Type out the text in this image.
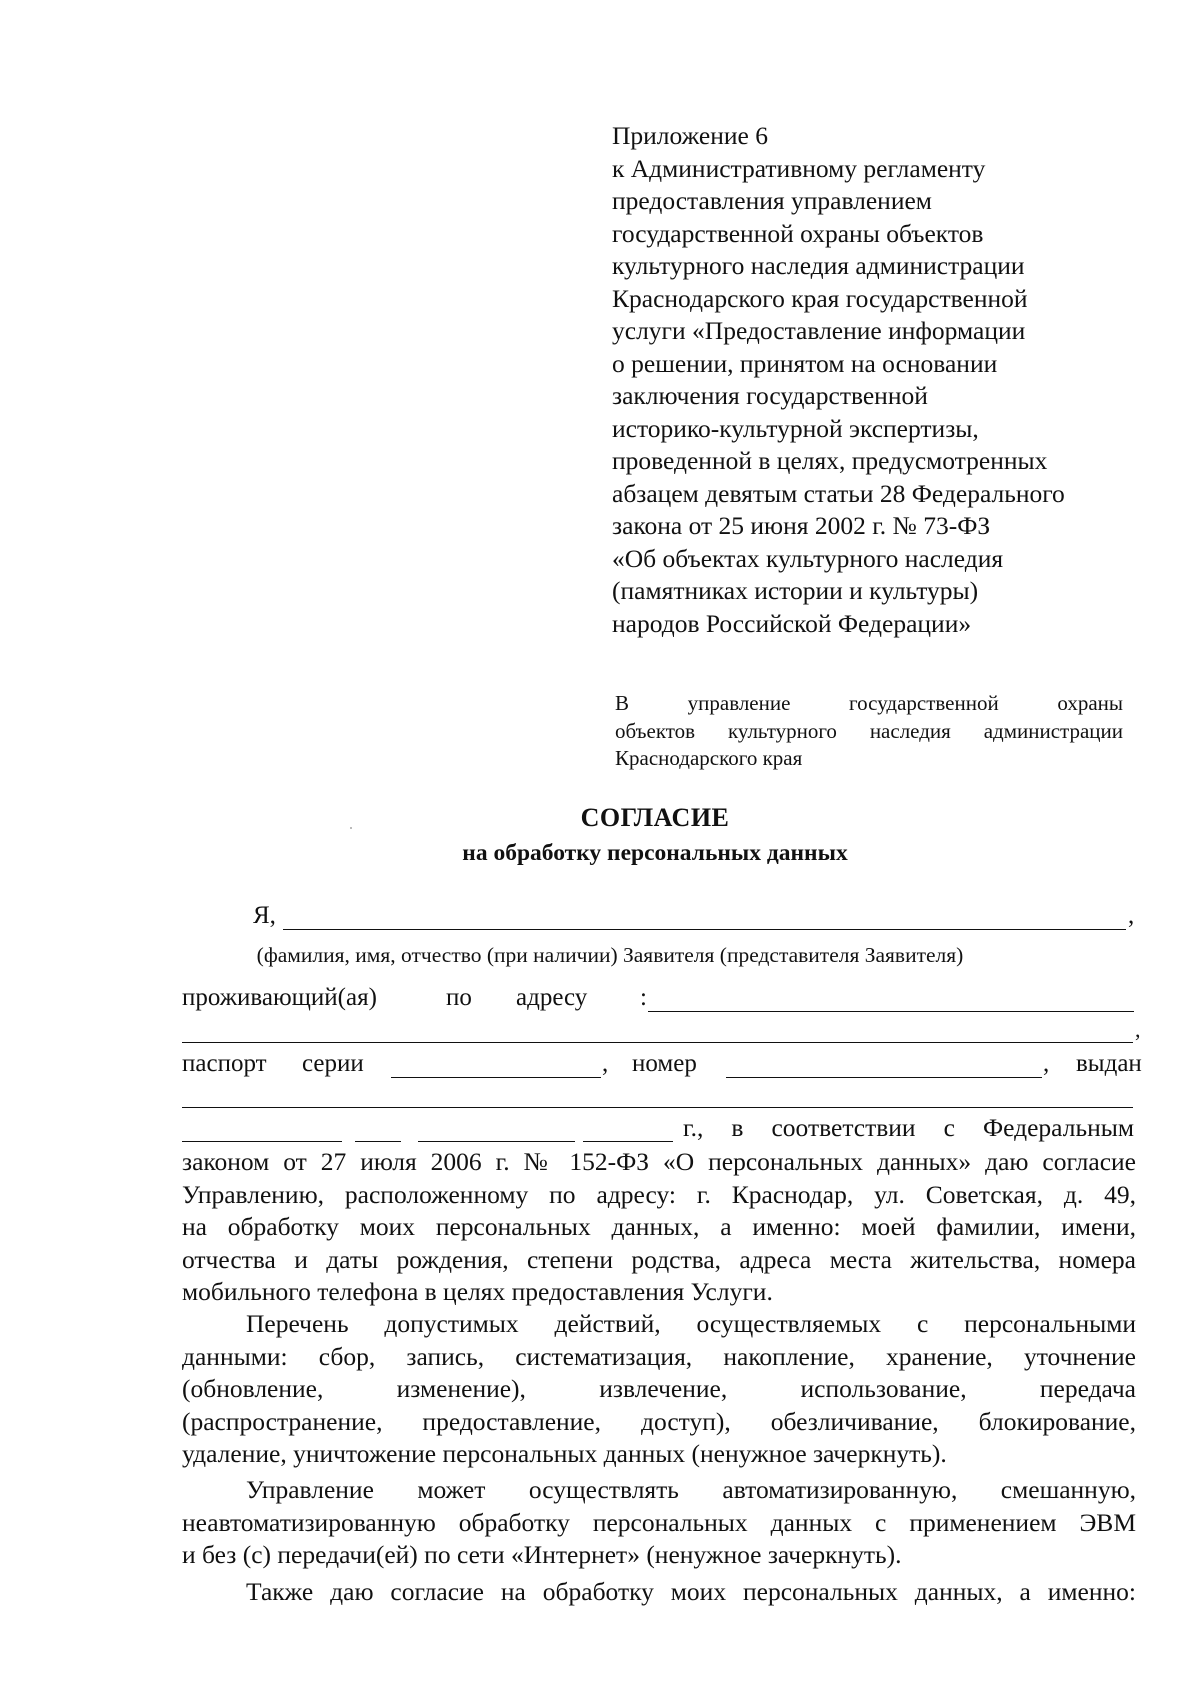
Приложение 6
к Административному регламенту
предоставления управлением
государственной охраны объектов
культурного наследия администрации
Краснодарского края государственной
услуги «Предоставление информации
о решении, принятом на основании
заключения государственной
историко-культурной экспертизы,
проведенной в целях, предусмотренных
абзацем девятым статьи 28 Федерального
закона от 25 июня 2002 г. № 73-ФЗ
«Об объектах культурного наследия
(памятниках истории и культуры)
народов Российской Федерации»
В управление государственной охраны
объектов культурного наследия администрации
Краснодарского края
СОГЛАСИЕ
на обработку персональных данных
Я,	,
(фамилия, имя, отчество (при наличии) Заявителя (представителя Заявителя)
проживающий(ая)	по адресу :
,
паспорт серии	, номер	, выдан
г., в соответствии с Федеральным
законом от 27 июля 2006 г. № 152-ФЗ «О персональных данных» даю согласие
Управлению, расположенному по адресу: г. Краснодар, ул. Советская, д. 49,
на обработку моих персональных данных, а именно: моей фамилии, имени,
отчества и даты рождения, степени родства, адреса места жительства, номера
мобильного телефона в целях предоставления Услуги.
Перечень допустимых действий, осуществляемых с персональными
данными: сбор, запись, систематизация, накопление, хранение, уточнение
(обновление, изменение), извлечение, использование, передача
(распространение, предоставление, доступ), обезличивание, блокирование,
удаление, уничтожение персональных данных (ненужное зачеркнуть).
Управление может осуществлять автоматизированную, смешанную,
неавтоматизированную обработку персональных данных с применением ЭВМ
и без (с) передачи(ей) по сети «Интернет» (ненужное зачеркнуть).
Также даю согласие на обработку моих персональных данных, а именно:
